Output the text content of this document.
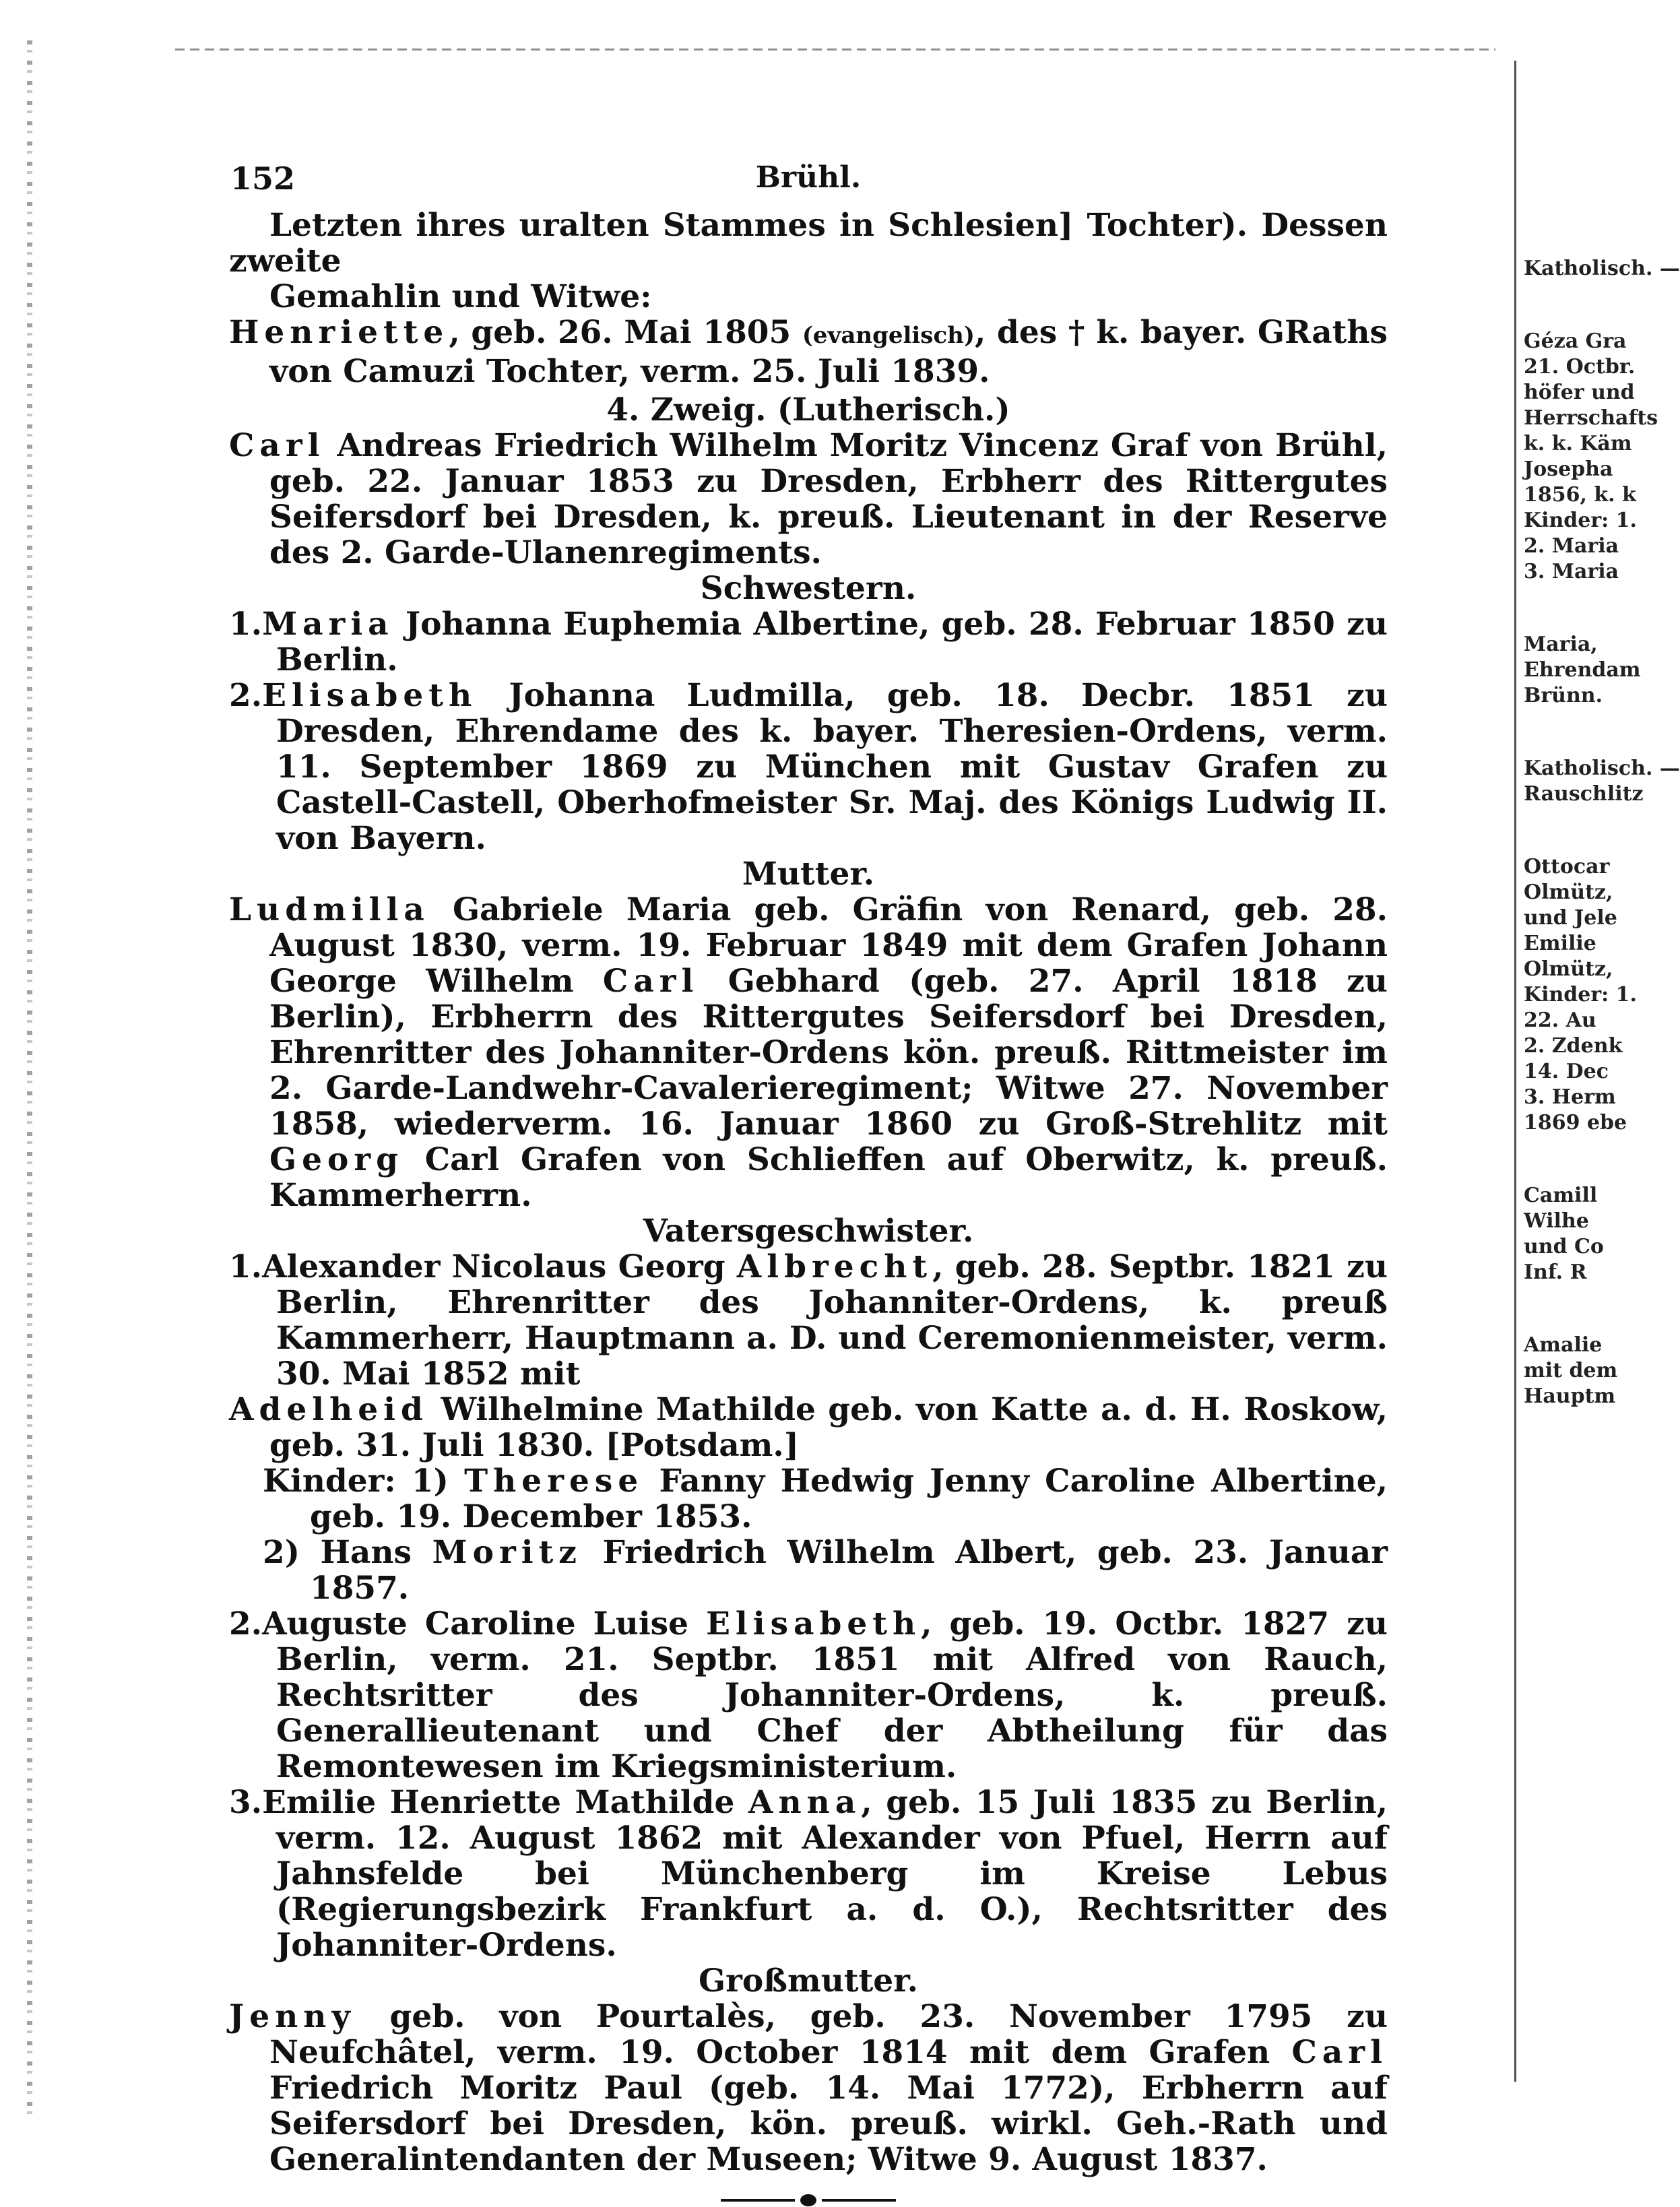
152	Brühl.

Letzten ihres uralten Stammes in Schlesien] Tochter). Dessen zweite

Gemahlin und Witwe:

Henriette, geb. 26. Mai 1805 (evangelisch), des † k. bayer. GRaths von Camuzi Tochter, verm. 25. Juli 1839.

4. Zweig. (Lutherisch.)

Carl Andreas Friedrich Wilhelm Moritz Vincenz Graf von Brühl, geb. 22. Januar 1853 zu Dresden, Erbherr des Rittergutes Seifersdorf bei Dresden, k. preuß. Lieutenant in der Reserve des 2. Garde-Ulanenregiments.

Schwestern.

1.Maria Johanna Euphemia Albertine, geb. 28. Februar 1850 zu Berlin.

2.Elisabeth Johanna Ludmilla, geb. 18. Decbr. 1851 zu Dresden, Ehrendame des k. bayer. Theresien-Ordens, verm. 11. September 1869 zu München mit Gustav Grafen zu Castell-Castell, Oberhofmeister Sr. Maj. des Königs Ludwig II. von Bayern.

Mutter.

Ludmilla Gabriele Maria geb. Gräfin von Renard, geb. 28. August 1830, verm. 19. Februar 1849 mit dem Grafen Johann George Wilhelm Carl Gebhard (geb. 27. April 1818 zu Berlin), Erbherrn des Rittergutes Seifersdorf bei Dresden, Ehrenritter des Johanniter-Ordens kön. preuß. Rittmeister im 2. Garde-Landwehr-Cavalerieregiment; Witwe 27. November 1858, wiederverm. 16. Januar 1860 zu Groß-Strehlitz mit Georg Carl Grafen von Schlieffen auf Oberwitz, k. preuß. Kammerherrn.

Vatersgeschwister.

1.Alexander Nicolaus Georg Albrecht, geb. 28. Septbr. 1821 zu Berlin, Ehrenritter des Johanniter-Ordens, k. preuß Kammerherr, Hauptmann a. D. und Ceremonienmeister, verm. 30. Mai 1852 mit

Adelheid Wilhelmine Mathilde geb. von Katte a. d. H. Roskow, geb. 31. Juli 1830. [Potsdam.]

Kinder: 1) Therese Fanny Hedwig Jenny Caroline Albertine, geb. 19. December 1853.

2) Hans Moritz Friedrich Wilhelm Albert, geb. 23. Januar 1857.

2.Auguste Caroline Luise Elisabeth, geb. 19. Octbr. 1827 zu Berlin, verm. 21. Septbr. 1851 mit Alfred von Rauch, Rechtsritter des Johanniter-Ordens, k. preuß. Generallieutenant und Chef der Abtheilung für das Remontewesen im Kriegsministerium.

3.Emilie Henriette Mathilde Anna, geb. 15 Juli 1835 zu Berlin, verm. 12. August 1862 mit Alexander von Pfuel, Herrn auf Jahnsfelde bei Münchenberg im Kreise Lebus (Regierungsbezirk Frankfurt a. d. O.), Rechtsritter des Johanniter-Ordens.

Großmutter.

Jenny geb. von Pourtalès, geb. 23. November 1795 zu Neufchâtel, verm. 19. October 1814 mit dem Grafen Carl Friedrich Moritz Paul (geb. 14. Mai 1772), Erbherrn auf Seifersdorf bei Dresden, kön. preuß. wirkl. Geh.-Rath und Generalintendanten der Museen; Witwe 9. August 1837.

Katholisch. —

Géza Gra

21. Octbr.

höfer und

Herrschafts

k. k. Käm

Josepha

1856, k. k

Kinder: 1.

2. Maria

3. Maria

Maria,

Ehrendam

Brünn.

Katholisch. —

Rauschlitz

Ottocar

Olmütz,

und Jele

Emilie

Olmütz,

Kinder: 1.

22. Au

2. Zdenk

14. Dec

3. Herm

1869 ebe

Camill

Wilhe

und Co

Inf. R

Amalie

mit dem

Hauptm
